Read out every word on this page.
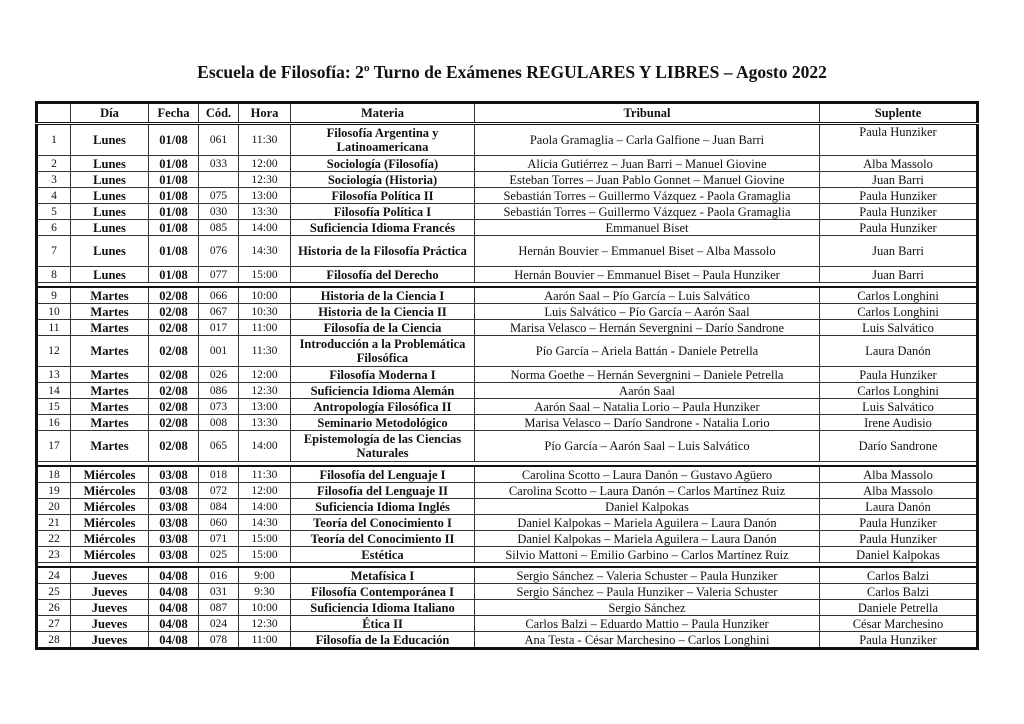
Escuela de Filosofía: 2º Turno de Exámenes REGULARES Y LIBRES – Agosto 2022
	Día	Fecha	Cód.	Hora	Materia	Tribunal	Suplente
1	Lunes	01/08	061	11:30	Filosofía Argentina y Latinoamericana	Paola Gramaglia – Carla Galfione – Juan Barri	Paula Hunziker
2	Lunes	01/08	033	12:00	Sociología (Filosofía)	Alicia Gutiérrez – Juan Barri – Manuel Giovine	Alba Massolo
3	Lunes	01/08		12:30	Sociología (Historia)	Esteban Torres – Juan Pablo Gonnet – Manuel Giovine	Juan Barri
4	Lunes	01/08	075	13:00	Filosofía Política II	Sebastián Torres – Guillermo Vázquez - Paola Gramaglia	Paula Hunziker
5	Lunes	01/08	030	13:30	Filosofía Política I	Sebastián Torres – Guillermo Vázquez - Paola Gramaglia	Paula Hunziker
6	Lunes	01/08	085	14:00	Suficiencia Idioma Francés	Emmanuel Biset	Paula Hunziker
7	Lunes	01/08	076	14:30	Historia de la Filosofía Práctica	Hernán Bouvier – Emmanuel Biset – Alba Massolo	Juan Barri
8	Lunes	01/08	077	15:00	Filosofía del Derecho	Hernán Bouvier – Emmanuel Biset – Paula Hunziker	Juan Barri

9	Martes	02/08	066	10:00	Historia de la Ciencia I	Aarón Saal – Pío García – Luis Salvático	Carlos Longhini
10	Martes	02/08	067	10:30	Historia de la Ciencia II	Luis Salvático – Pío García – Aarón Saal	Carlos Longhini
11	Martes	02/08	017	11:00	Filosofía de la Ciencia	Marisa Velasco – Hernán Severgnini – Darío Sandrone	Luis Salvático
12	Martes	02/08	001	11:30	Introducción a la Problemática Filosófica	Pío García – Ariela Battán - Daniele Petrella	Laura Danón
13	Martes	02/08	026	12:00	Filosofía Moderna I	Norma Goethe – Hernán Severgnini – Daniele Petrella	Paula Hunziker
14	Martes	02/08	086	12:30	Suficiencia Idioma Alemán	Aarón Saal	Carlos Longhini
15	Martes	02/08	073	13:00	Antropología Filosófica II	Aarón Saal – Natalia Lorio – Paula Hunziker	Luis Salvático
16	Martes	02/08	008	13:30	Seminario Metodológico	Marisa Velasco – Darío Sandrone - Natalia Lorio	Irene Audisio
17	Martes	02/08	065	14:00	Epistemología de las Ciencias Naturales	Pío García – Aarón Saal – Luis Salvático	Darío Sandrone

18	Miércoles	03/08	018	11:30	Filosofía del Lenguaje I	Carolina Scotto – Laura Danón – Gustavo Agüero	Alba Massolo
19	Miércoles	03/08	072	12:00	Filosofía del Lenguaje II	Carolina Scotto – Laura Danón – Carlos Martínez Ruiz	Alba Massolo
20	Miércoles	03/08	084	14:00	Suficiencia Idioma Inglés	Daniel Kalpokas	Laura Danón
21	Miércoles	03/08	060	14:30	Teoría del Conocimiento I	Daniel Kalpokas – Mariela Aguilera – Laura Danón	Paula Hunziker
22	Miércoles	03/08	071	15:00	Teoría del Conocimiento II	Daniel Kalpokas – Mariela Aguilera – Laura Danón	Paula Hunziker
23	Miércoles	03/08	025	15:00	Estética	Silvio Mattoni – Emilio Garbino – Carlos Martínez Ruiz	Daniel Kalpokas

24	Jueves	04/08	016	9:00	Metafísica I	Sergio Sánchez – Valeria Schuster – Paula Hunziker	Carlos Balzi
25	Jueves	04/08	031	9:30	Filosofía Contemporánea I	Sergio Sánchez – Paula Hunziker – Valeria Schuster	Carlos Balzi
26	Jueves	04/08	087	10:00	Suficiencia Idioma Italiano	Sergio Sánchez	Daniele Petrella
27	Jueves	04/08	024	12:30	Ética II	Carlos Balzi – Eduardo Mattio – Paula Hunziker	César Marchesino
28	Jueves	04/08	078	11:00	Filosofía de la Educación	Ana Testa - César Marchesino – Carlos Longhini	Paula Hunziker
